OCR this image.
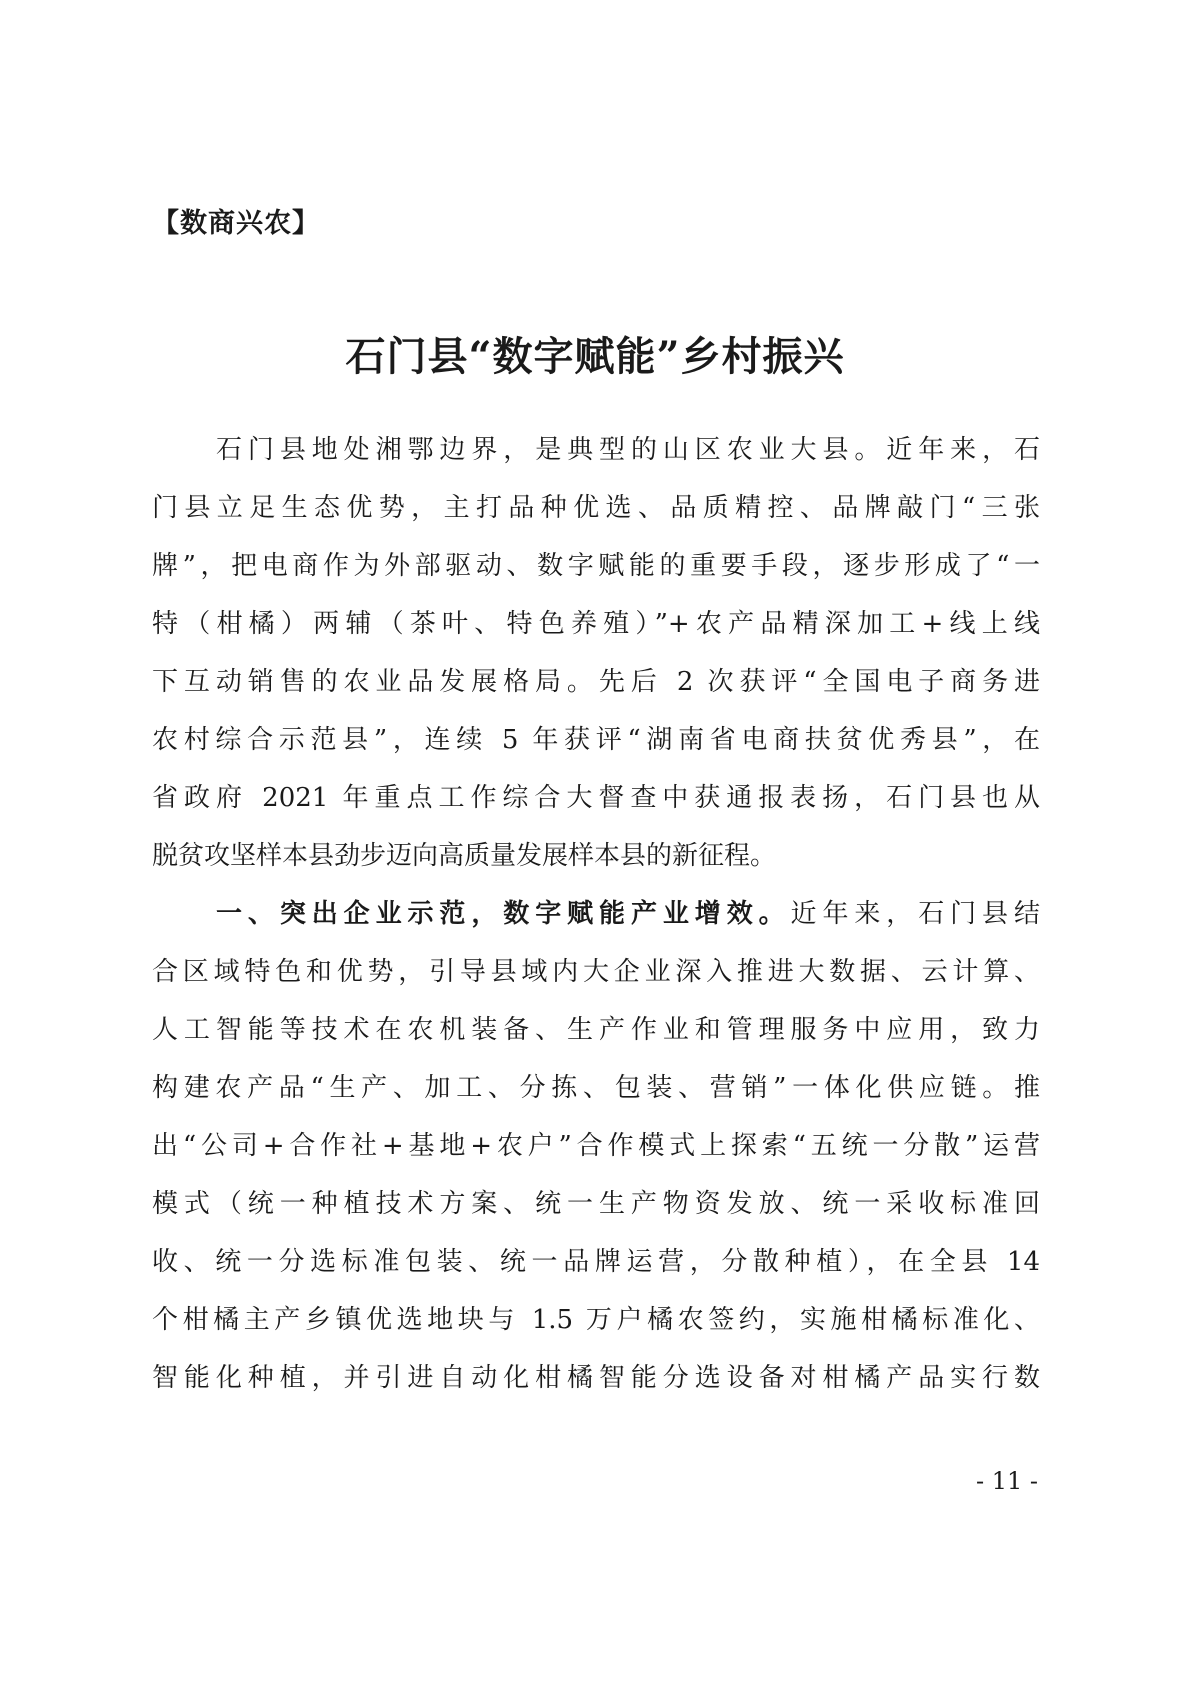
【数商兴农】
石门县“数字赋能”乡村振兴
石门县地处湘鄂边界，是典型的山区农业大县。近年来，石
门县立足生态优势，主打品种优选、品质精控、品牌敲门“三张
牌”，把电商作为外部驱动、数字赋能的重要手段，逐步形成了“一
特（柑橘）两辅（茶叶、特色养殖）”+农产品精深加工+线上线
下互动销售的农业品发展格局。先后 2 次获评“全国电子商务进
农村综合示范县”，连续 5 年获评“湖南省电商扶贫优秀县”，在
省政府 2021 年重点工作综合大督查中获通报表扬，石门县也从
脱贫攻坚样本县劲步迈向高质量发展样本县的新征程。
一、突出企业示范，数字赋能产业增效。近年来，石门县结
合区域特色和优势，引导县域内大企业深入推进大数据、云计算、
人工智能等技术在农机装备、生产作业和管理服务中应用，致力
构建农产品“生产、加工、分拣、包装、营销”一体化供应链。推
出“公司+合作社+基地+农户”合作模式上探索“五统一分散”运营
模式（统一种植技术方案、统一生产物资发放、统一采收标准回
收、统一分选标准包装、统一品牌运营，分散种植），在全县 14
个柑橘主产乡镇优选地块与 1.5 万户橘农签约，实施柑橘标准化、
智能化种植，并引进自动化柑橘智能分选设备对柑橘产品实行数
- 11 -
